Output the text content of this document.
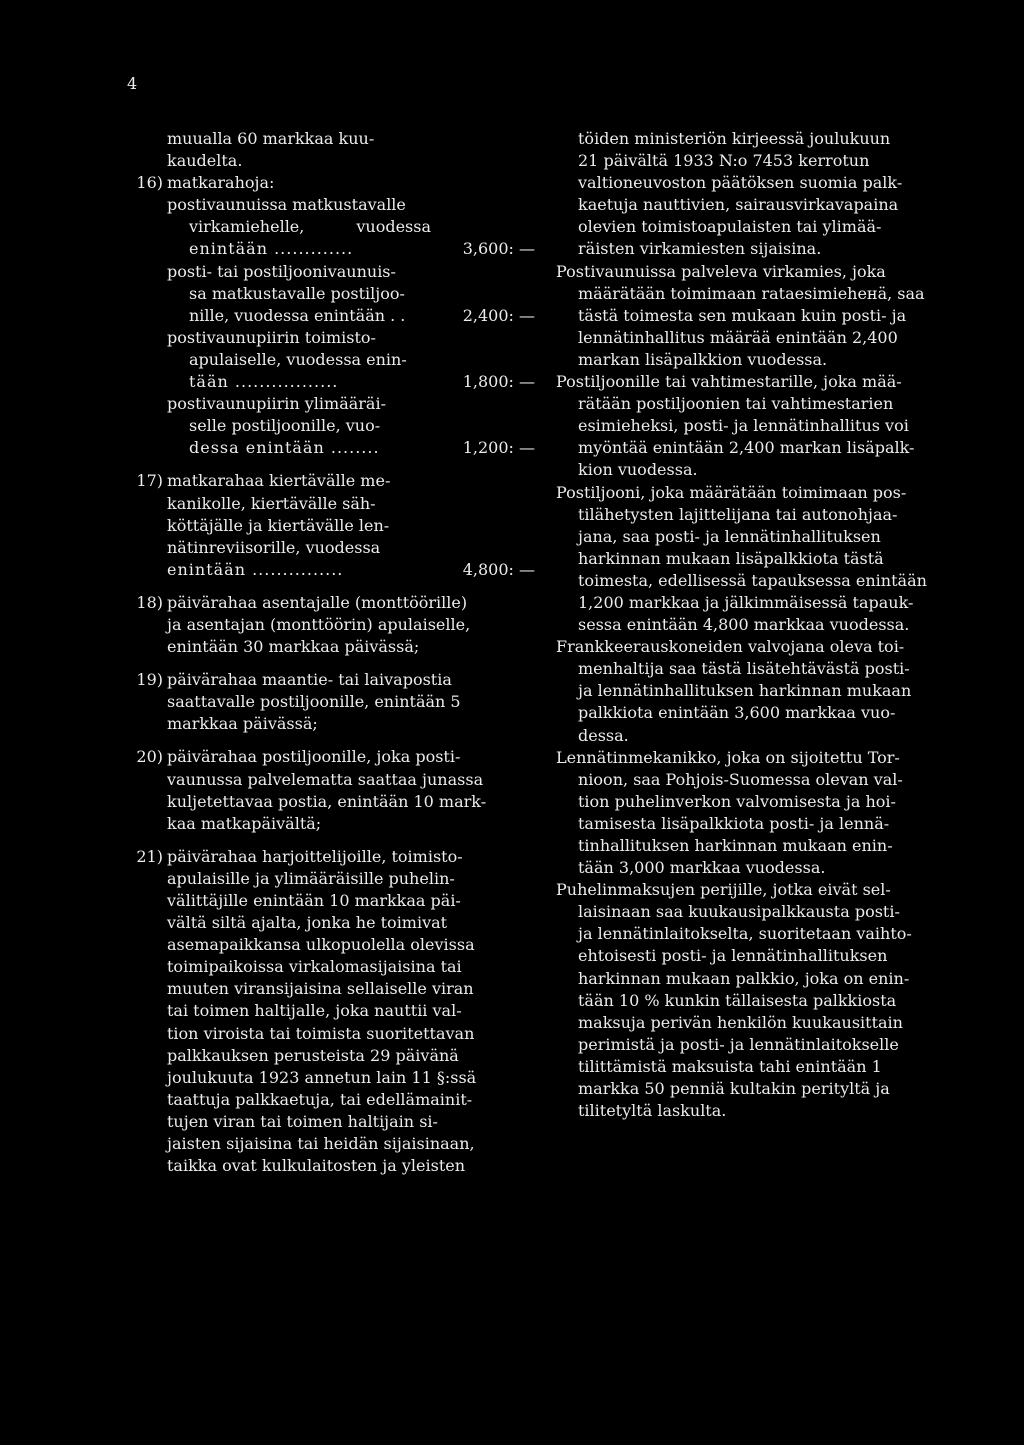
4
muualla 60 markkaa kuu-
kaudelta.
16) matkarahoja:
postivaunuissa matkustavalle
virkamiehelle, vuodessa
enintään .............	3,600: —
posti- tai postiljoonivaunuis-
sa matkustavalle postiljoo-
nille, vuodessa enintään . .	2,400: —
postivaunupiirin toimisto-
apulaiselle, vuodessa enin-
tään .................	1,800: —
postivaunupiirin ylimääräi-
selle postiljoonille, vuo-
dessa enintään ........	1,200: —
17) matkarahaa kiertävälle me-
kanikolle, kiertävälle säh-
köttäjälle ja kiertävälle len-
nätinreviisorille, vuodessa
enintään ...............	4,800: —
18) päivärahaa asentajalle (monttöörille)
ja asentajan (monttöörin) apulaiselle,
enintään 30 markkaa päivässä;
19) päivärahaa maantie- tai laivapostia
saattavalle postiljoonille, enintään 5
markkaa päivässä;
20) päivärahaa postiljoonille, joka posti-
vaunussa palvelematta saattaa junassa
kuljetettavaa postia, enintään 10 mark-
kaa matkapäivältä;
21) päivärahaa harjoittelijoille, toimisto-
apulaisille ja ylimääräisille puhelin-
välittäjille enintään 10 markkaa päi-
vältä siltä ajalta, jonka he toimivat
asemapaikkansa ulkopuolella olevissa
toimipaikoissa virkalomasijaisina tai
muuten viransijaisina sellaiselle viran
tai toimen haltijalle, joka nauttii val-
tion viroista tai toimista suoritettavan
palkkauksen perusteista 29 päivänä
joulukuuta 1923 annetun lain 11 §:ssä
taattuja palkkaetuja, tai edellämainit-
tujen viran tai toimen haltijain si-
jaisten sijaisina tai heidän sijaisinaan,
taikka ovat kulkulaitosten ja yleisten
töiden ministeriön kirjeessä joulukuun
21 päivältä 1933 N:o 7453 kerrotun
valtioneuvoston päätöksen suomia palk-
kaetuja nauttivien, sairausvirkavapaina
olevien toimistoapulaisten tai ylimää-
räisten virkamiesten sijaisina.
Postivaunuissa palveleva virkamies, joka
määrätään toimimaan rataesimieheнä, saa
tästä toimesta sen mukaan kuin posti- ja
lennätinhallitus määrää enintään 2,400
markan lisäpalkkion vuodessa.
Postiljoonille tai vahtimestarille, joka mää-
rätään postiljoonien tai vahtimestarien
esimieheksi, posti- ja lennätinhallitus voi
myöntää enintään 2,400 markan lisäpalk-
kion vuodessa.
Postiljooni, joka määrätään toimimaan pos-
tilähetysten lajittelijana tai autonohjaa-
jana, saa posti- ja lennätinhallituksen
harkinnan mukaan lisäpalkkiota tästä
toimesta, edellisessä tapauksessa enintään
1,200 markkaa ja jälkimmäisessä tapauk-
sessa enintään 4,800 markkaa vuodessa.
Frankkeerauskoneiden valvojana oleva toi-
menhaltija saa tästä lisätehtävästä posti-
ja lennätinhallituksen harkinnan mukaan
palkkiota enintään 3,600 markkaa vuo-
dessa.
Lennätinmekanikko, joka on sijoitettu Tor-
nioon, saa Pohjois-Suomessa olevan val-
tion puhelinverkon valvomisesta ja hoi-
tamisesta lisäpalkkiota posti- ja lennä-
tinhallituksen harkinnan mukaan enin-
tään 3,000 markkaa vuodessa.
Puhelinmaksujen perijille, jotka eivät sel-
laisinaan saa kuukausipalkkausta posti-
ja lennätinlaitokselta, suoritetaan vaihto-
ehtoisesti posti- ja lennätinhallituksen
harkinnan mukaan palkkio, joka on enin-
tään 10 % kunkin tällaisesta palkkiosta
maksuja perivän henkilön kuukausittain
perimistä ja posti- ja lennätinlaitokselle
tilittämistä maksuista tahi enintään 1
markka 50 penniä kultakin perityltä ja
tilitetyltä laskulta.
